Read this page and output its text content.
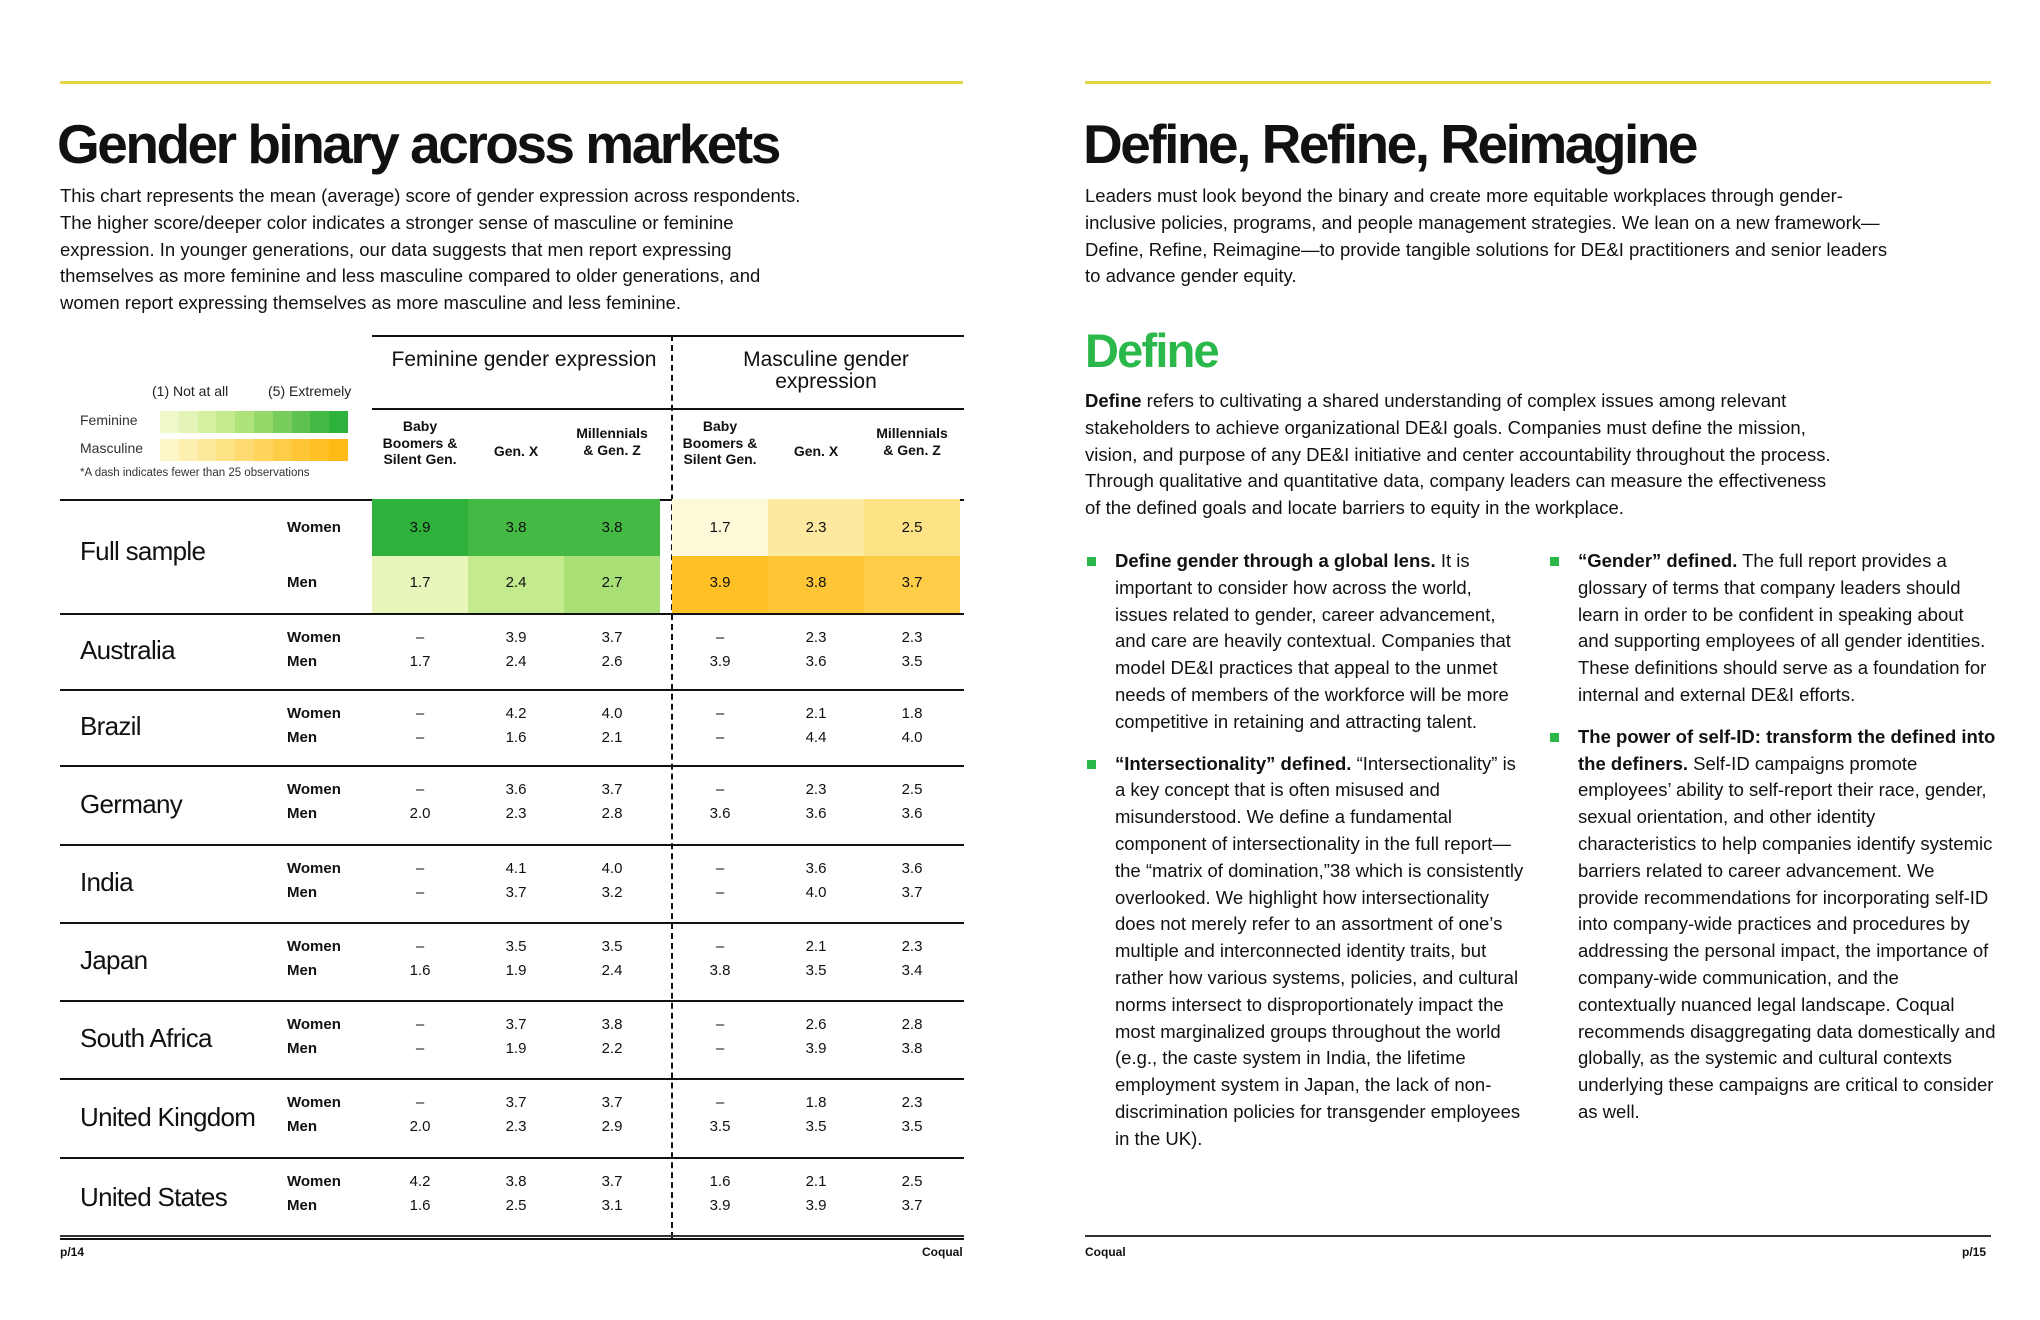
Gender binary across markets

This chart represents the mean (average) score of gender expression across respondents. The higher score/deeper color indicates a stronger sense of masculine or feminine expression. In younger generations, our data suggests that men report expressing themselves as more feminine and less masculine compared to older generations, and women report expressing themselves as more masculine and less feminine.

(1) Not at all	(5) Extremely
Feminine
Masculine
*A dash indicates fewer than 25 observations
Feminine gender expression	Masculine gender expression
Baby Boomers & Silent Gen.	Gen. X
Millennials & Gen. Z
Baby Boomers & Silent Gen.	Gen. X
Millennials & Gen. Z
Full sample
Women
Men
3.9	3.8	3.8	1.7	2.3	2.5
1.7	2.4	2.7	3.9	3.8	3.7
Australia	Women
Men
–	3.9	3.7	–	2.3	2.3
1.7	2.4	2.6	3.9	3.6	3.5
Brazil	Women
Men
–	4.2	4.0	–	2.1	1.8
–	1.6	2.1	–	4.4	4.0
Germany	Women
Men
–	3.6	3.7	–	2.3	2.5
2.0	2.3	2.8	3.6	3.6	3.6
India	Women
Men
–	4.1	4.0	–	3.6	3.6
–	3.7	3.2	–	4.0	3.7
Japan	Women
Men
–	3.5	3.5	–	2.1	2.3
1.6	1.9	2.4	3.8	3.5	3.4
South Africa	Women
Men
–	3.7	3.8	–	2.6	2.8
–	1.9	2.2	–	3.9	3.8
United Kingdom Women
Men
–	3.7	3.7	–	1.8	2.3
2.0	2.3	2.9	3.5	3.5	3.5
United States	Women
Men
4.2	3.8	3.7	1.6	2.1	2.5
1.6	2.5	3.1	3.9	3.9	3.7
p/14	Coqual
Define, Refine, Reimagine

Leaders must look beyond the binary and create more equitable workplaces through gender-inclusive policies, programs, and people management strategies. We lean on a new framework—Define, Refine, Reimagine—to provide tangible solutions for DE&I practitioners and senior leaders to advance gender equity.

Define

Define refers to cultivating a shared understanding of complex issues among relevant stakeholders to achieve organizational DE&I goals. Companies must define the mission, vision, and purpose of any DE&I initiative and center accountability throughout the process. Through qualitative and quantitative data, company leaders can measure the effectiveness of the defined goals and locate barriers to equity in the workplace.

Define gender through a global lens. It is important to consider how across the world, issues related to gender, career advancement, and care are heavily contextual. Companies that model DE&I practices that appeal to the unmet needs of members of the workforce will be more competitive in retaining and attracting talent.
“Intersectionality” defined. “Intersectionality” is a key concept that is often misused and misunderstood. We define a fundamental component of intersectionality in the full report—the “matrix of domination,”38 which is consistently overlooked. We highlight how intersectionality does not merely refer to an assortment of one’s multiple and interconnected identity traits, but rather how various systems, policies, and cultural norms intersect to disproportionately impact the most marginalized groups throughout the world (e.g., the caste system in India, the lifetime employment system in Japan, the lack of non-discrimination policies for transgender employees in the UK).
“Gender” defined. The full report provides a glossary of terms that company leaders should learn in order to be confident in speaking about and supporting employees of all gender identities. These definitions should serve as a foundation for internal and external DE&I efforts.
The power of self-ID: transform the defined into the definers. Self-ID campaigns promote employees’ ability to self-report their race, gender, sexual orientation, and other identity characteristics to help companies identify systemic barriers related to career advancement. We provide recommendations for incorporating self-ID into company-wide practices and procedures by addressing the personal impact, the importance of company-wide communication, and the contextually nuanced legal landscape. Coqual recommends disaggregating data domestically and globally, as the systemic and cultural contexts underlying these campaigns are critical to consider as well.
Coqual	p/15
